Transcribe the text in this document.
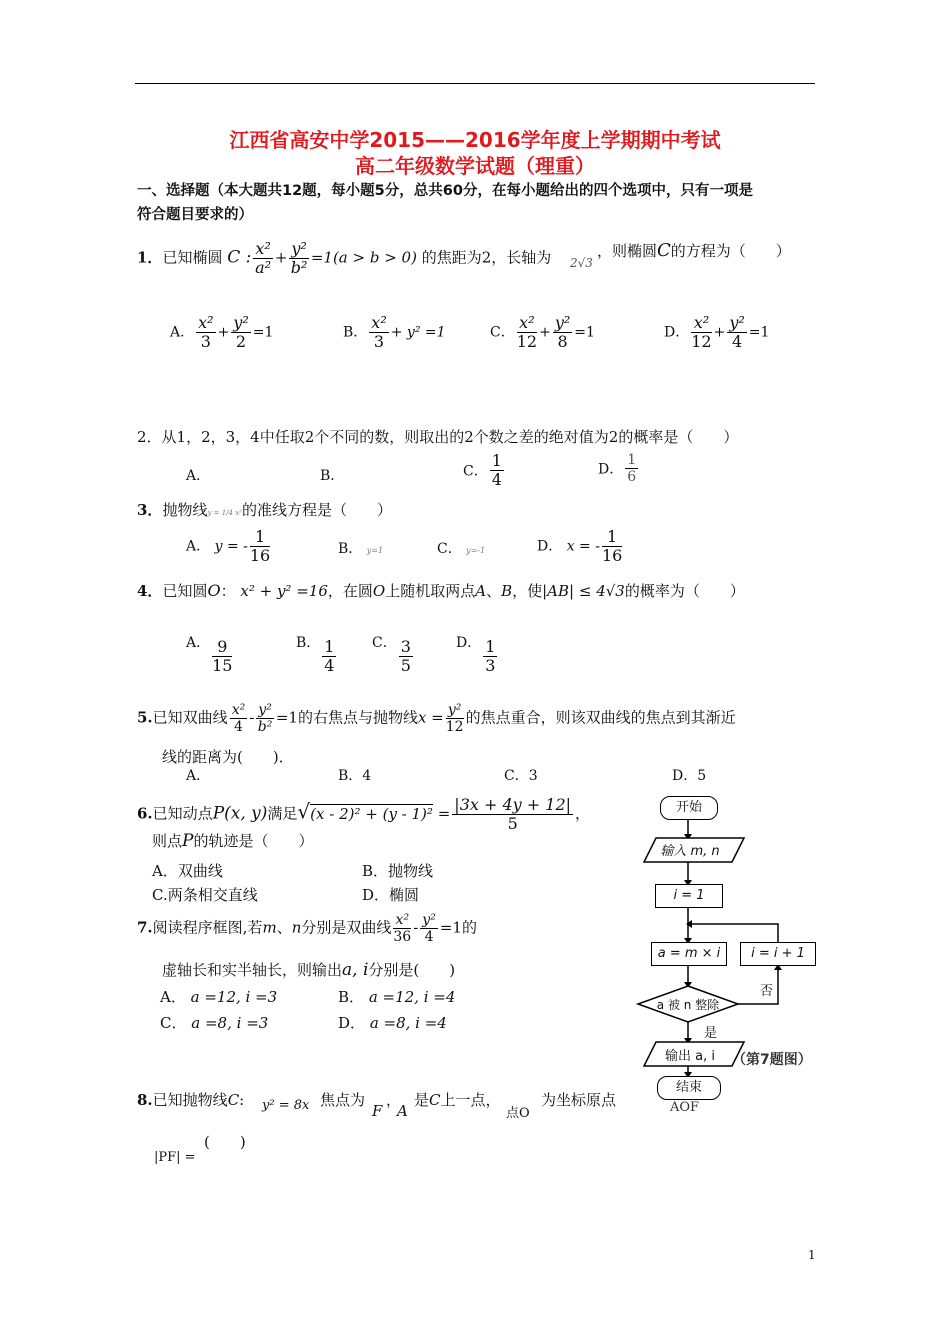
江西省高安中学2015——2016学年度上学期期中考试
高二年级数学试题（理重）
一、选择题（本大题共12题，每小题5分，总共60分，在每小题给出的四个选项中，只有一项是
符合题目要求的）
1．已知椭圆 C : $\frac{\text{x²}}{\text{a²}} + \frac{\text{y²}}{\text{b²}} =1(a > b > 0)$ 的焦距为2，长轴为 2√3
，则椭圆C的方程为（　　）
A． $\frac{\text{x²}}{3} + \frac{\text{y²}}{2} =1$	B． $\frac{\text{x²}}{3} + y^2 =1$	C． $\frac{\text{x²}}{12} + \frac{\text{y²}}{8} =1$	D． $\frac{\text{x²}}{12} + \frac{\text{y²}}{4} =1$
2．从1，2，3，4中任取2个不同的数，则取出的2个数之差的绝对值为2的概率是（　　）
A．	B．	C． $\frac{1}{4}$	D． $\frac{1}{6}$
3．抛物线y = 1/4 x²的准线方程是（　　）
A． y = - $\frac{1}{16}$	B． y=1	C． y=-1	D． x = - $\frac{1}{16}$
4．已知圆O： x² + y² =16，在圆O上随机取两点A、B，使|AB| ≤ 4√3的概率为（　　）
A． $\frac{9}{15}$	B． $\frac{1}{4}$	C． $\frac{3}{5}$	D． $\frac{1}{3}$
5.已知双曲线 $\frac{\text{x²}}{4} - \frac{\text{y²}}{\text{b²}} =1$的右焦点与抛物线$x = \frac{\text{y²}}{12}$ 的焦点重合，则该双曲线的焦点到其渐近
线的距离为(　　)．
A．	B．4	C．3	D．5
6.已知动点P(x, y)满足$√(x - 2)^2 + (y - 1)^2 = \frac{|3x + 4y + 12|}{5}$ ，
则点P的轨迹是（　　）
A．双曲线	B．抛物线
C.两条相交直线	D．椭圆
7.阅读程序框图,若m、n分别是双曲线 $\frac{\text{x²}}{36} - \frac{\text{y²}}{4} =1$的
虚轴长和实半轴长，则输出a, i分别是(　　)
A． a =12, i =3	B． a =12, i =4
C． a =8, i =3	D． a =8, i =4
开始
输入 m, n
i = 1
a = m × i	i = i + 1
a 被 n 整除
否
是
输出 a, i
结束
（第7题图）
8.已知抛物线C: y² = 8x 焦点为
F
，
A
是C上一点，
点O
为坐标原点	AOF
(　　)
|PF| =
1
